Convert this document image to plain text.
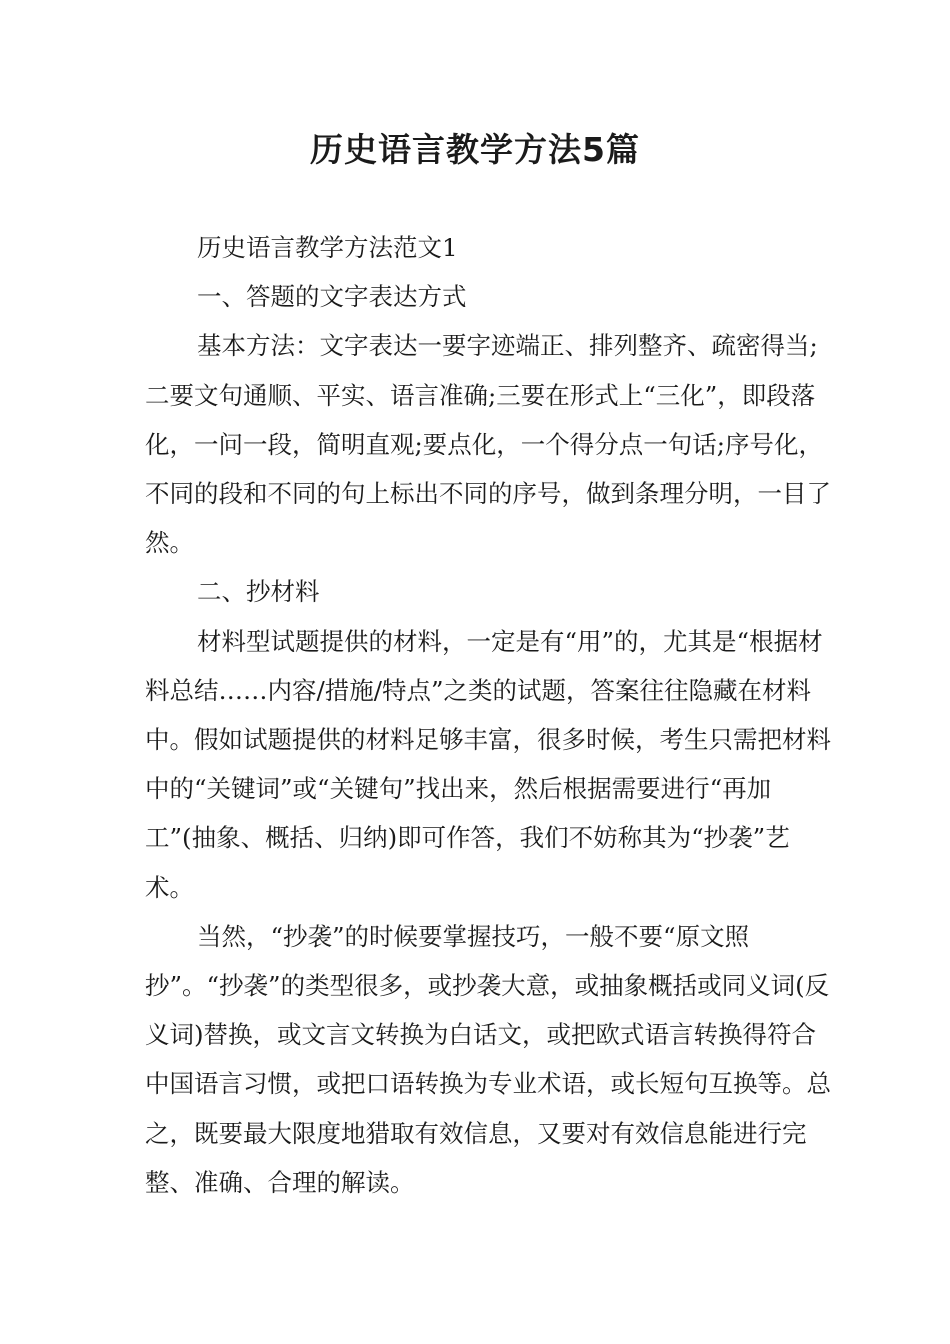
历史语言教学方法5篇

历史语言教学方法范文1

一、答题的文字表达方式

基本方法：文字表达一要字迹端正、排列整齐、疏密得当;二要文句通顺、平实、语言准确;三要在形式上“三化”，即段落化，一问一段，简明直观;要点化，一个得分点一句话;序号化，不同的段和不同的句上标出不同的序号，做到条理分明，一目了然。

二、抄材料

材料型试题提供的材料，一定是有“用”的，尤其是“根据材料总结……内容/措施/特点”之类的试题，答案往往隐藏在材料中。假如试题提供的材料足够丰富，很多时候，考生只需把材料中的“关键词”或“关键句”找出来，然后根据需要进行“再加工”(抽象、概括、归纳)即可作答，我们不妨称其为“抄袭”艺术。

当然，“抄袭”的时候要掌握技巧，一般不要“原文照抄”。“抄袭”的类型很多，或抄袭大意，或抽象概括或同义词(反义词)替换，或文言文转换为白话文，或把欧式语言转换得符合中国语言习惯，或把口语转换为专业术语，或长短句互换等。总之，既要最大限度地猎取有效信息，又要对有效信息能进行完整、准确、合理的解读。
